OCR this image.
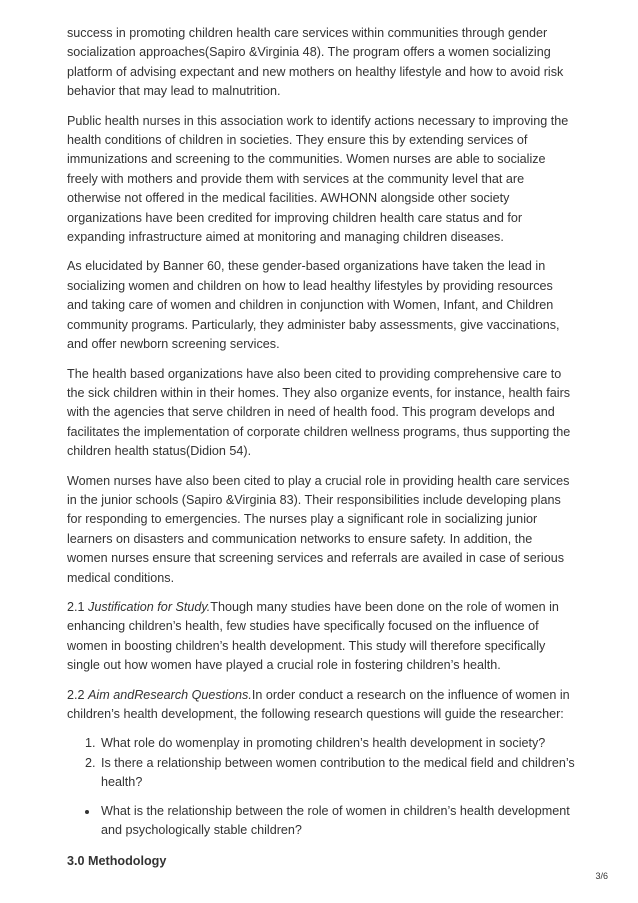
success in promoting children health care services within communities through gender socialization approaches(Sapiro &Virginia 48). The program offers a women socializing platform of advising expectant and new mothers on healthy lifestyle and how to avoid risk behavior that may lead to malnutrition.

Public health nurses in this association work to identify actions necessary to improving the health conditions of children in societies. They ensure this by extending services of immunizations and screening to the communities. Women nurses are able to socialize freely with mothers and provide them with services at the community level that are otherwise not offered in the medical facilities. AWHONN alongside other society organizations have been credited for improving children health care status and for expanding infrastructure aimed at monitoring and managing children diseases.

As elucidated by Banner 60, these gender-based organizations have taken the lead in socializing women and children on how to lead healthy lifestyles by providing resources and taking care of women and children in conjunction with Women, Infant, and Children community programs. Particularly, they administer baby assessments, give vaccinations, and offer newborn screening services.

The health based organizations have also been cited to providing comprehensive care to the sick children within in their homes. They also organize events, for instance, health fairs with the agencies that serve children in need of health food. This program develops and facilitates the implementation of corporate children wellness programs, thus supporting the children health status(Didion 54).

Women nurses have also been cited to play a crucial role in providing health care services in the junior schools (Sapiro &Virginia 83). Their responsibilities include developing plans for responding to emergencies. The nurses play a significant role in socializing junior learners on disasters and communication networks to ensure safety. In addition, the women nurses ensure that screening services and referrals are availed in case of serious medical conditions.

2.1 Justification for Study.Though many studies have been done on the role of women in enhancing children’s health, few studies have specifically focused on the influence of women in boosting children’s health development. This study will therefore specifically single out how women have played a crucial role in fostering children’s health.

2.2 Aim andResearch Questions.In order conduct a research on the influence of women in children’s health development, the following research questions will guide the researcher:

1. What role do womenplay in promoting children’s health development in society?
2. Is there a relationship between women contribution to the medical field and children’s health?
• What is the relationship between the role of women in children’s health development and psychologically stable children?
3.0 Methodology
3/6
